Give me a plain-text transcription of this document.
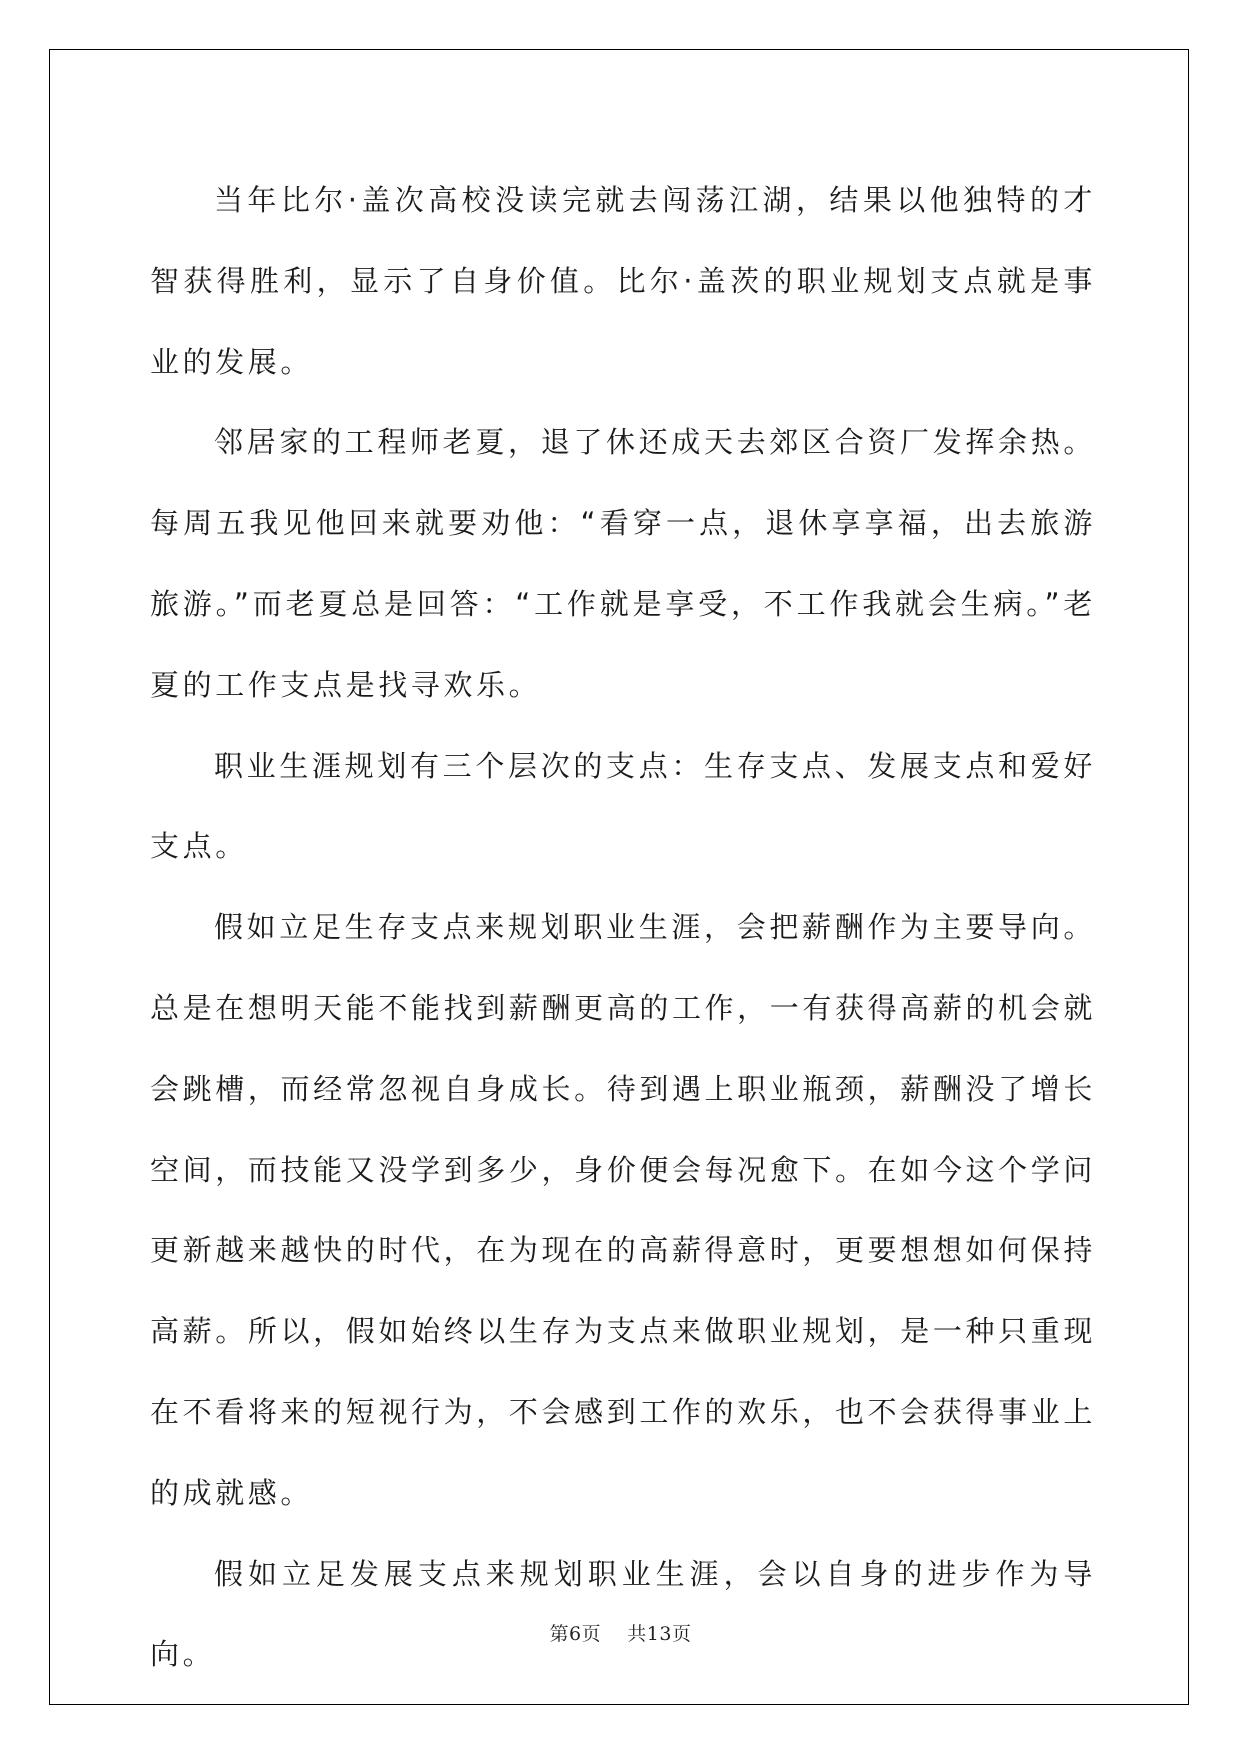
当年比尔·盖次高校没读完就去闯荡江湖，结果以他独特的才智获得胜利，显示了自身价值。比尔·盖茨的职业规划支点就是事业的发展。

邻居家的工程师老夏，退了休还成天去郊区合资厂发挥余热。每周五我见他回来就要劝他：“看穿一点，退休享享福，出去旅游旅游。”而老夏总是回答：“工作就是享受，不工作我就会生病。”老夏的工作支点是找寻欢乐。

职业生涯规划有三个层次的支点：生存支点、发展支点和爱好支点。

假如立足生存支点来规划职业生涯，会把薪酬作为主要导向。总是在想明天能不能找到薪酬更高的工作，一有获得高薪的机会就会跳槽，而经常忽视自身成长。待到遇上职业瓶颈，薪酬没了增长空间，而技能又没学到多少，身价便会每况愈下。在如今这个学问更新越来越快的时代，在为现在的高薪得意时，更要想想如何保持高薪。所以，假如始终以生存为支点来做职业规划，是一种只重现在不看将来的短视行为，不会感到工作的欢乐，也不会获得事业上的成就感。

假如立足发展支点来规划职业生涯，会以自身的进步作为导向。

第6页 共13页
